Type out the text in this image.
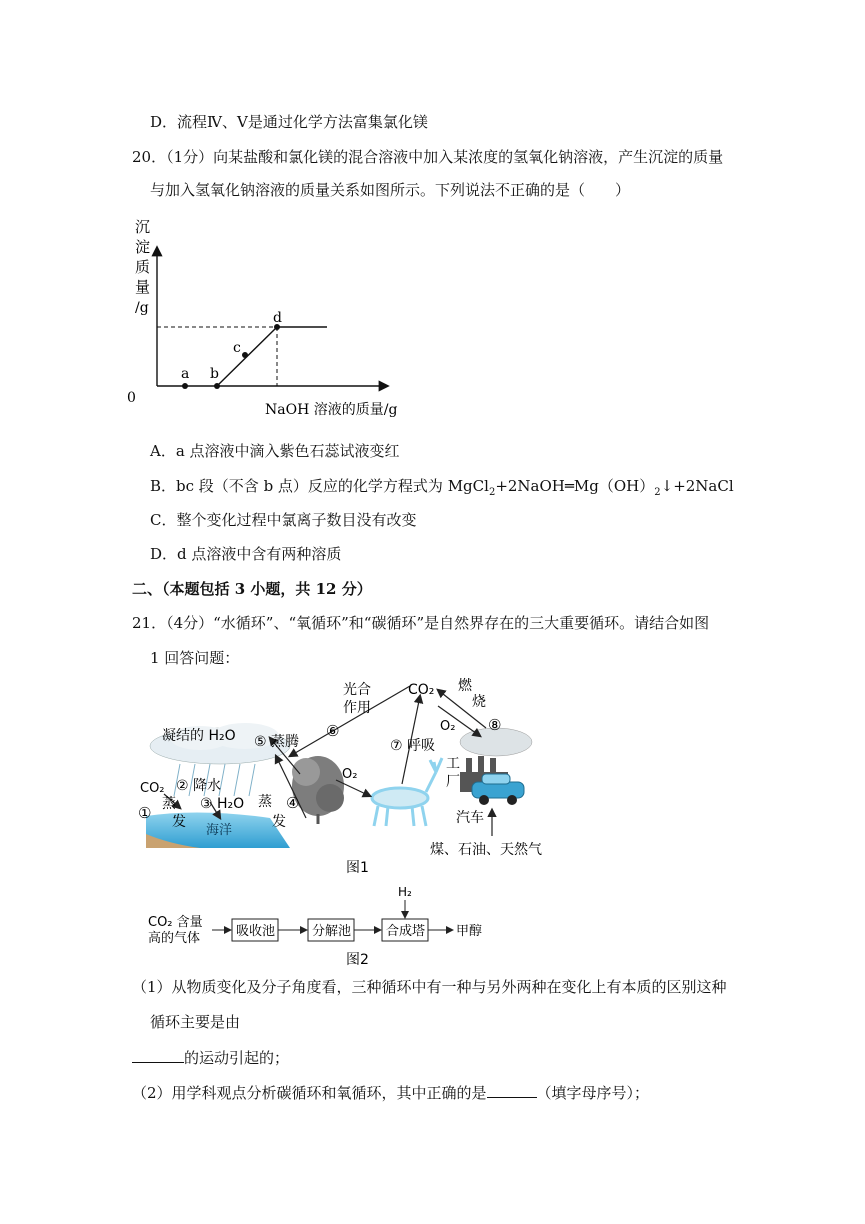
D．流程Ⅳ、Ⅴ是通过化学方法富集氯化镁
20．（1分）向某盐酸和氯化镁的混合溶液中加入某浓度的氢氧化钠溶液，产生沉淀的质量
与加入氢氧化钠溶液的质量关系如图所示。下列说法不正确的是（　　）
沉
淀
质
量
/g
0
a b
c
d
NaOH 溶液的质量/g
A．a 点溶液中滴入紫色石蕊试液变红
B．bc 段（不含 b 点）反应的化学方程式为 $MgCl_2+2NaOH═Mg(OH)_2↓+2NaCl$
C．整个变化过程中氯离子数目没有改变
D．d 点溶液中含有两种溶质
二、（本题包括 3 小题，共 12 分）
21．（4分）“水循环”、“氧循环”和“碳循环”是自然界存在的三大重要循环。请结合如图
1 回答问题：
光合
作用
CO₂ 燃
烧
⑧
⑥	O₂
凝结的 H₂O ⑤ 蒸腾	⑦ 呼吸
工
厂
CO₂ ② 降水
① 蒸
发
③ H₂O
海洋
蒸
发
④
O₂
汽车
煤、石油、天然气
图1
CO₂ 含量
高的气体	吸收池	分解池	合成塔
H₂
甲醇
图2
（1）从物质变化及分子角度看，三种循环中有一种与另外两种在变化上有本质的区别这种
循环主要是由
的运动引起的；
（2）用学科观点分析碳循环和氧循环，其中正确的是	（填字母序号）；
